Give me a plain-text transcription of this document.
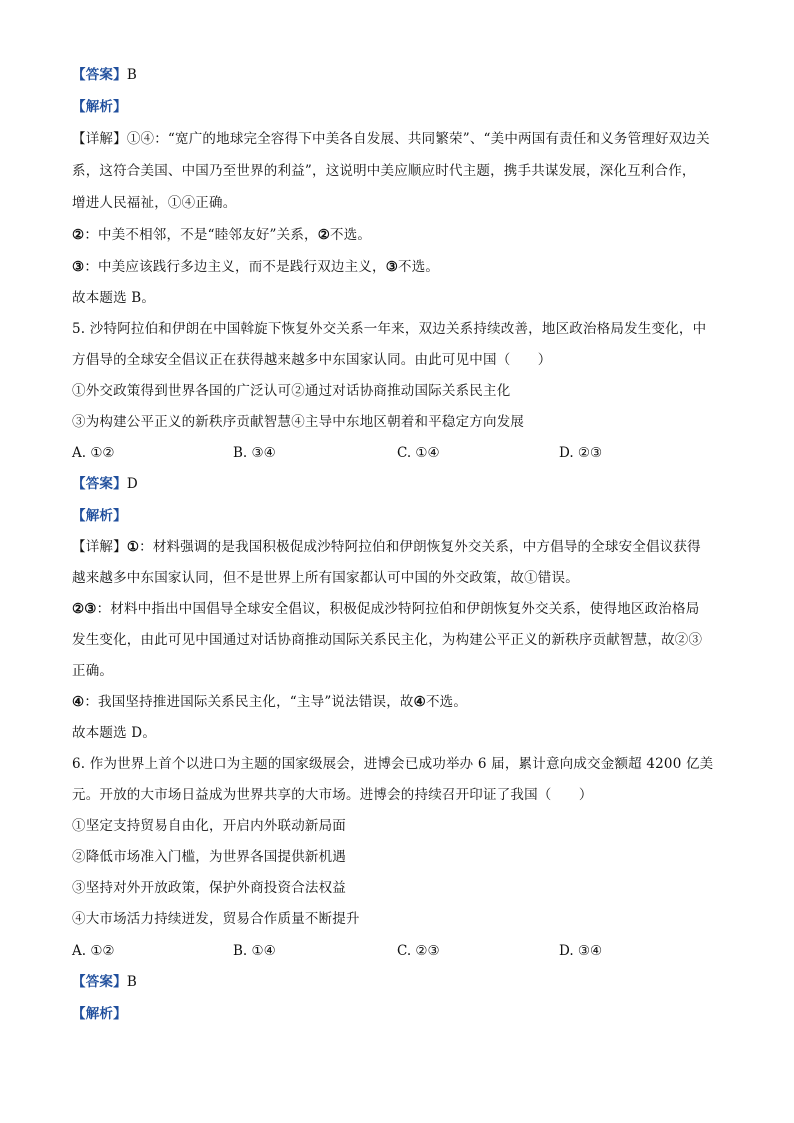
【答案】B
【解析】
【详解】①④：“宽广的地球完全容得下中美各自发展、共同繁荣”、“美中两国有责任和义务管理好双边关
系，这符合美国、中国乃至世界的利益”，这说明中美应顺应时代主题，携手共谋发展，深化互利合作，
增进人民福祉，①④正确。
②：中美不相邻，不是“睦邻友好”关系，②不选。
③：中美应该践行多边主义，而不是践行双边主义，③不选。
故本题选 B。
5. 沙特阿拉伯和伊朗在中国斡旋下恢复外交关系一年来，双边关系持续改善，地区政治格局发生变化，中
方倡导的全球安全倡议正在获得越来越多中东国家认同。由此可见中国（　　）
①外交政策得到世界各国的广泛认可②通过对话协商推动国际关系民主化
③为构建公平正义的新秩序贡献智慧④主导中东地区朝着和平稳定方向发展
A. ①②	B. ③④	C. ①④	D. ②③
【答案】D
【解析】
【详解】①：材料强调的是我国积极促成沙特阿拉伯和伊朗恢复外交关系，中方倡导的全球安全倡议获得
越来越多中东国家认同，但不是世界上所有国家都认可中国的外交政策，故①错误。
②③：材料中指出中国倡导全球安全倡议，积极促成沙特阿拉伯和伊朗恢复外交关系，使得地区政治格局
发生变化，由此可见中国通过对话协商推动国际关系民主化，为构建公平正义的新秩序贡献智慧，故②③
正确。
④：我国坚持推进国际关系民主化，“主导”说法错误，故④不选。
故本题选 D。
6. 作为世界上首个以进口为主题的国家级展会，进博会已成功举办 6 届，累计意向成交金额超 4200 亿美
元。开放的大市场日益成为世界共享的大市场。进博会的持续召开印证了我国（　　）
①坚定支持贸易自由化，开启内外联动新局面
②降低市场准入门槛，为世界各国提供新机遇
③坚持对外开放政策，保护外商投资合法权益
④大市场活力持续迸发，贸易合作质量不断提升
A. ①②	B. ①④	C. ②③	D. ③④
【答案】B
【解析】
